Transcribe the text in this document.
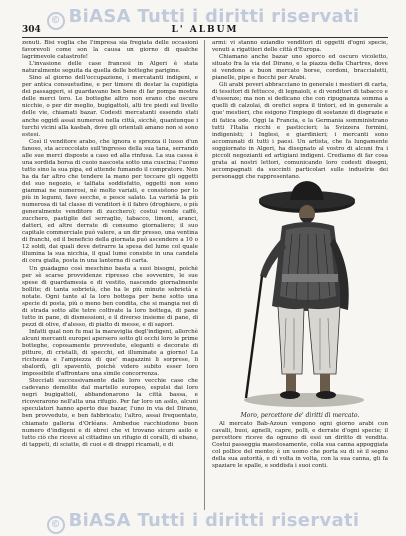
© BiASA Tutti i diritti riservati
304	L' ALBUM

zenuti. Bisi voglia che l'impresa sia fregiata delle occasioni favorevoli come son la causa un giorno di qualche lagrimevole catastrofe!

L'invasione delle case francesi in Algeri è stata naturalmente seguita da quella delle botteghe parigine.

Sino al giorno dell'occupazione, i mercatanti indigeni, e per antica consuetudine, e per timore di destar la cupidigia dei passaggeri, si guardavano ben bene di far pompa mostra delle merci loro. Le botteghe altro non erano che oscure nicchie, o per dir meglio, bugigattoli, alti tre piedi sul livello delle vie, chiamati bazar. Codesti mercatanti essendo stati anche oggidì assai numerosi nella città, sicchè, quantunque i turchi vicini alla kasbah, dove gli orientali amano non si sono estesi.

Così il venditore arabo, che ignora e sprezza il lusso d'un fanoso, sta accoccolato sull'ingresso della sua tana, serrando alle sue merci disposte a caso ed alla rinfusa. La sua cassa è una sordida borsa di cuoio nascosta sotto una cuscina; l'uomo tutto sino la sua pipa, ed attende fumando il compratore. Non ha da far altro che tendere la mano per toccare gli oggetti del suo negozio, e talfiata soddisfatto, oggetti non sono giammai ne numerosi, nè molto variati, e consistono per lo più in legumi, fave secche, e pesce salato. La varietà la più numerosa di tal classe di venditori è il fabro (droghiere, o più generalmente venditore di zucchero); costui vende caffè, zucchero, pastiglie del serraglio, tabacco, limoni, aranci, datteri, ed altre derrate di consumo giornaliero; il suo capitale commerciale può valere, a un dir presso, una ventina di franchi, ed il beneficio della giornata può ascendere a 10 o 12 soldi, dai quali deve detrarre la spesa del lume col quale illumina la sua nicchia, il qual lume consiste in una candela di cera gialla, posta in una lanterna di carta.

Un guadagno così meschino basta a suoi bisogni, poichè per sè scarse provvidenze ripresso che sovvenire, le sue spese di guardamesia e di vestito, nascendo giornalmente bollite; di tanta sobrietà, che ha le più minute sobrietà e notate. Ogni tante al la loro bottega per bene sotto una specie di posta, più o meno ben condita, che si mangia nei dì di strada sotto alle tetre coltivate la loro bottega, di pane tutto in pane, di dismessioni, e il diverso insieme di pane, di pezzi di olive, d'alesso, di piatto di messe, e di sapori.

Infatti qual non fu mai la maraviglia degl'indigeni, allorchè alcuni mercanti europei apersero sotto gli occhi loro le prime botteghe, coposamente provvedute, eleganti e decorate di pitture, di cristalli, di specchi, ed illuminate a giorno! La ricchezza e l'ampiezza di que' magazzini li sorprese, li sbalordì, gli spaventò, poichè videro subito esser loro impossibile d'affrontare una simile concorrenza.

Stecciati successivamente dalle loro vecchie case che cadevano demolite dal martello europeo, espulsi dai loro negri bugigattoli, abbandonarono la città bassa, e ricoverarono nell'alta una rifugio. Per far loro un asilo, alcuni speculatori hanno aperto due bazar, l'uno in via del Dirano, ben provveduto, e ben fabbricato; l'altro, assai frequentato, chiamato galleria d'Orléans. Ambedue racchiudono buon numero d'indigeni e di ebrei che vi trovano sicuro asilo e tutto ciò che riceve al cittadino un rifugio di coralli, di ebano, di tappeti, di sciatte, di cuoi e di drappi ricamati, e di

armi: vi stanno eziandio venditori di oggetti d'ogni specie, venuti a rigattieri delle città d'Europa.

Chiamano anche bazar uno sporco ed oscuro vicoletto, situato fra la via del Dirano, e la piazza della Chartres, dove si vendono a buon mercato borse, cordoni, braccialetti, pianelle, pipe e fiocchi per Arabi.

Gli arabi poveri abbracciano in generale i mestieri di carta, di tessitori di fettucce, di legnaioli, e di venditori di tabacco e d'essenze; ma non si dedicano che con ripugnanza somma a quelli di calzolai, di orefici sopra il tintori, ed in generale a que' mestieri, che esigono l'impiego di sostanze di disgrazie e di fatica ode. Oggi la Francia, e la Germania somministrano tutti l'Italia ricchi e pasticcieri; la Svizzera formini, indigenisti; i Inglesi, e giardinieri; i mercanti sono accomunati di tutti i paesi. Un artista, che fa lungamente soggiornato in Algeri, ha disegnato al vostro di alcuni fra i piccoli negozianti ed artigiani indigeni. Crediamo di far cosa grata ai nostri lettori, comunicando loro codesti disegni, accompagnati da succinti particolari sulle industrie dei personaggi che rappresentano.

Moro, percettore de' diritti di mercato.

Al mercato Bab-Azoun vengono ogni giorno arabi con cavalli, buoi, agnelli, capre, polli, e derrate d'ogni specie; il percettore riceve da ognuno di essi un diritto di vendita. Costui passeggia maestosamente, colla sua canna appoggiata col pollice del mento; è un uomo che porta su di sè il segno della sua autorità, e di volta in volta, con la sua canna, gli fa spaziare le spalle, e soddisfa i suoi conti.

© BiASA Tutti i diritti riservati
